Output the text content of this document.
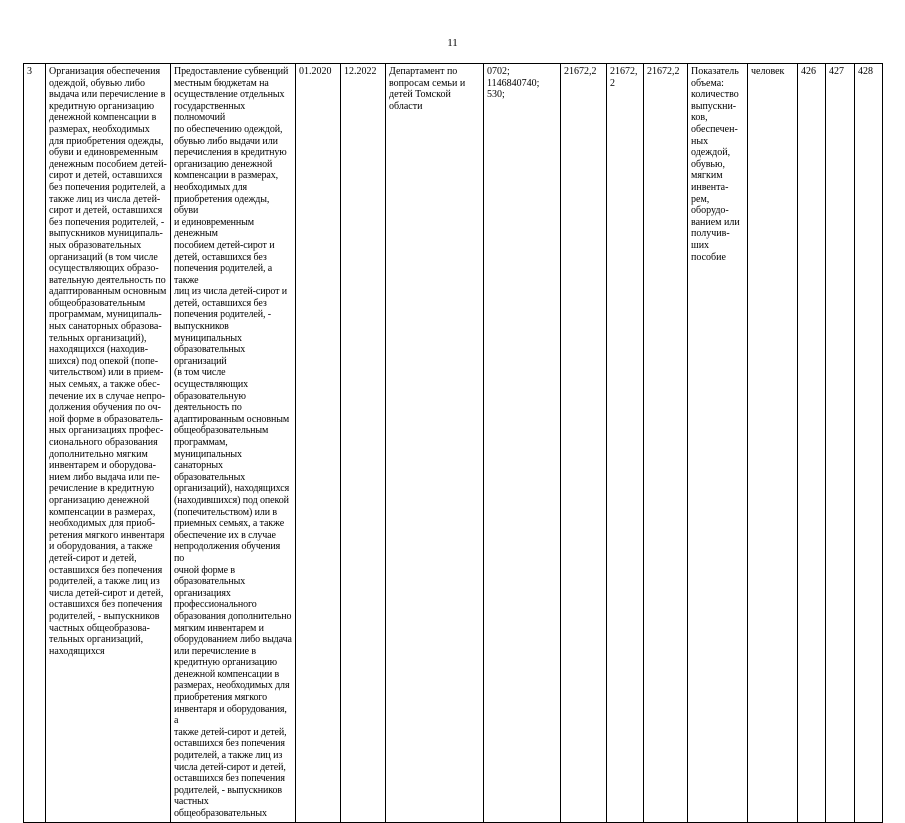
11
3	Организация обеспечения
одеждой, обувью либо
выдача или перечисление в
кредитную организацию
денежной компенсации в
размерах, необходимых
для приобретения одежды,
обуви и единовременным
денежным пособием детей-
сирот и детей, оставшихся
без попечения родителей, а
также лиц из числа детей-
сирот и детей, оставшихся
без попечения родителей, -
выпускников муниципаль-
ных образовательных
организаций (в том числе
осуществляющих образо-
вательную деятельность по
адаптированным основным
общеобразовательным
программам, муниципаль-
ных санаторных образова-
тельных организаций),
находящихся (находив-
шихся) под опекой (попе-
чительством) или в прием-
ных семьях, а также обес-
печение их в случае непро-
должения обучения по оч-
ной форме в образователь-
ных организациях профес-
сионального образования
дополнительно мягким
инвентарем и оборудова-
нием либо выдача или пе-
речисление в кредитную
организацию денежной
компенсации в размерах,
необходимых для приоб-
ретения мягкого инвентаря
и оборудования, а также
детей-сирот и детей,
оставшихся без попечения
родителей, а также лиц из
числа детей-сирот и детей,
оставшихся без попечения
родителей, - выпускников
частных общеобразова-
тельных организаций,
находящихся	Предоставление субвенций
местным бюджетам на
осуществление отдельных
государственных полномочий
по обеспечению одеждой,
обувью либо выдачи или
перечисления в кредитную
организацию денежной
компенсации в размерах,
необходимых для
приобретения одежды, обуви
и единовременным денежным
пособием детей-сирот и
детей, оставшихся без
попечения родителей, а также
лиц из числа детей-сирот и
детей, оставшихся без
попечения родителей, -
выпускников муниципальных
образовательных организаций
(в том числе
осуществляющих
образовательную
деятельность по
адаптированным основным
общеобразовательным
программам, муниципальных
санаторных образовательных
организаций), находящихся
(находившихся) под опекой
(попечительством) или в
приемных семьях, а также
обеспечение их в случае
непродолжения обучения по
очной форме в
образовательных
организациях
профессионального
образования дополнительно
мягким инвентарем и
оборудованием либо выдача
или перечисление в
кредитную организацию
денежной компенсации в
размерах, необходимых для
приобретения мягкого
инвентаря и оборудования, а
также детей-сирот и детей,
оставшихся без попечения
родителей, а также лиц из
числа детей-сирот и детей,
оставшихся без попечения
родителей, - выпускников
частных
общеобразовательных	01.2020	12.2022	Департамент по
вопросам семьи и
детей Томской
области	0702;
1146840740;
530;	21672,2	21672,
2	21672,2	Показатель
объема:
количество
выпускни-
ков,
обеспечен-
ных
одеждой,
обувью,
мягким
инвента-
рем,
оборудо-
ванием или
получив-
ших
пособие	человек	426	427	428
